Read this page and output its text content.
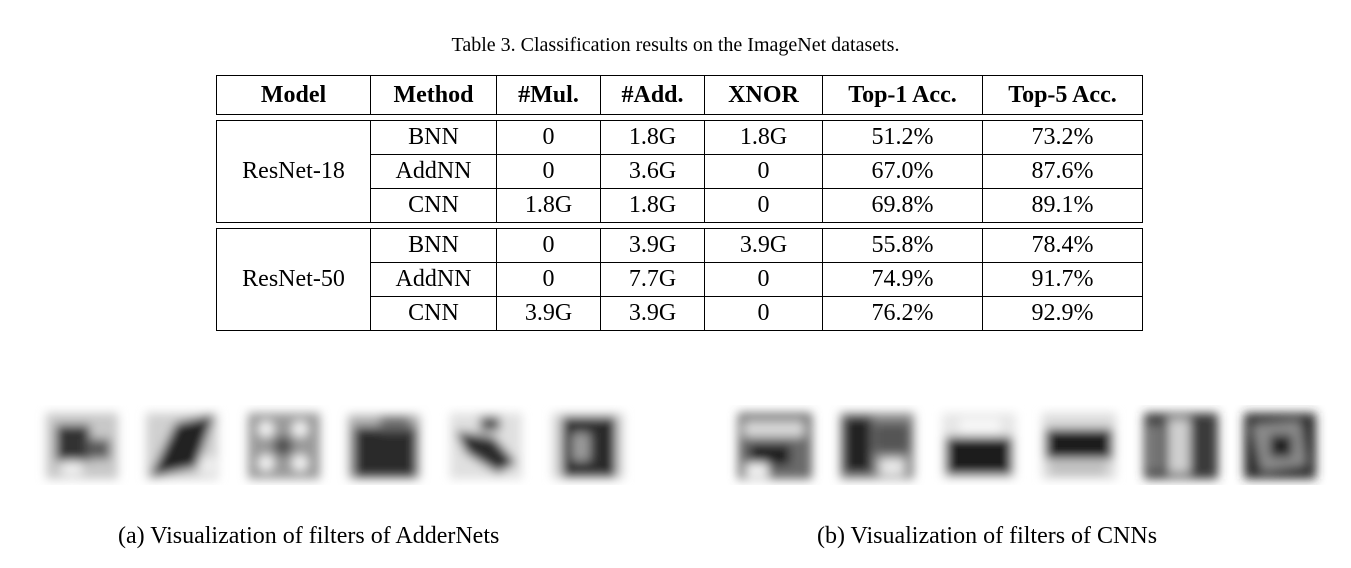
Table 3. Classification results on the ImageNet datasets.
Model	Method	#Mul.	#Add.	XNOR	Top-1 Acc.	Top-5 Acc.

ResNet-18	BNN	0	1.8G	1.8G	51.2%	73.2%
	AddNN	0	3.6G	0	67.0%	87.6%
	CNN	1.8G	1.8G	0	69.8%	89.1%

ResNet-50	BNN	0	3.9G	3.9G	55.8%	78.4%
	AddNN	0	7.7G	0	74.9%	91.7%
	CNN	3.9G	3.9G	0	76.2%	92.9%
(a) Visualization of filters of AdderNets	(b) Visualization of filters of CNNs
